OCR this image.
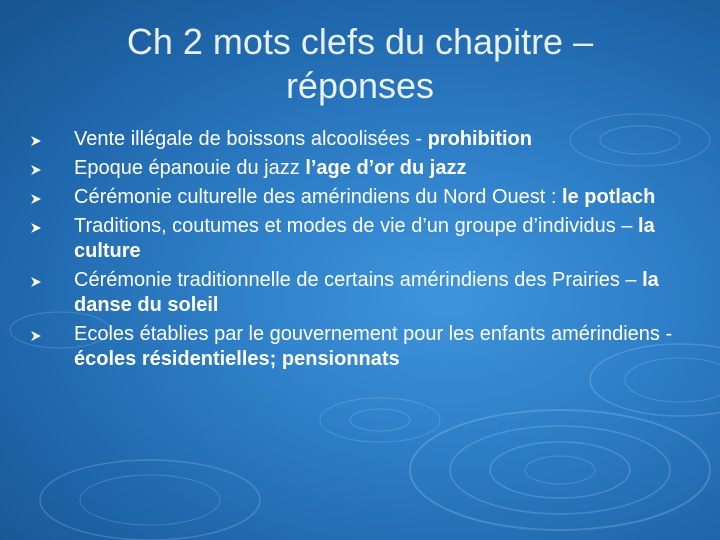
Ch 2 mots clefs du chapitre –
réponses
Vente illégale de boissons alcoolisées - prohibition
Epoque épanouie du jazz l’age d’or du jazz
Cérémonie culturelle des amérindiens du Nord Ouest : le potlach
Traditions, coutumes et modes de vie d’un groupe d’individus – la culture
Cérémonie traditionnelle de certains amérindiens des Prairies – la danse du soleil
Ecoles établies par le gouvernement pour les enfants amérindiens - écoles résidentielles; pensionnats
